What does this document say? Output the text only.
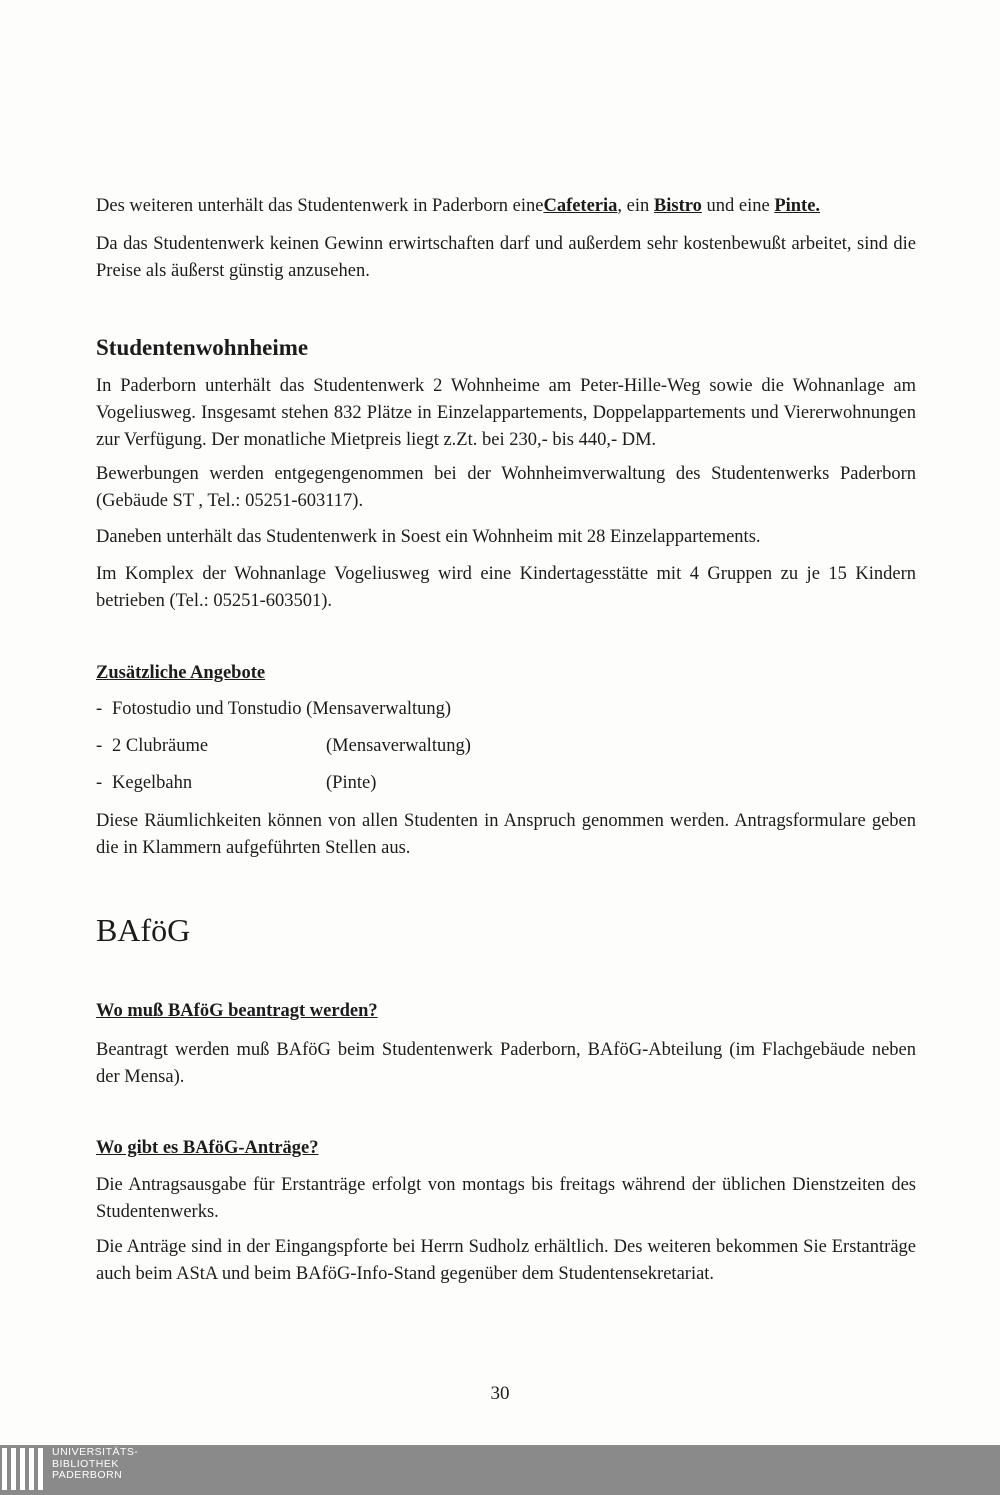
Des weiteren unterhält das Studentenwerk in Paderborn eineCafeteria, ein Bistro und eine Pinte.

Da das Studentenwerk keinen Gewinn erwirtschaften darf und außerdem sehr kostenbewußt arbeitet, sind die Preise als äußerst günstig anzusehen.

Studentenwohnheime

In Paderborn unterhält das Studentenwerk 2 Wohnheime am Peter-Hille-Weg sowie die Wohnanlage am Vogeliusweg. Insgesamt stehen 832 Plätze in Einzelappartements, Doppelappartements und Viererwohnungen zur Verfügung. Der monatliche Mietpreis liegt z.Zt. bei 230,- bis 440,- DM.

Bewerbungen werden entgegengenommen bei der Wohnheimverwaltung des Studentenwerks Paderborn (Gebäude ST , Tel.: 05251-603117).

Daneben unterhält das Studentenwerk in Soest ein Wohnheim mit 28 Einzelappartements.

Im Komplex der Wohnanlage Vogeliusweg wird eine Kindertagesstätte mit 4 Gruppen zu je 15 Kindern betrieben (Tel.: 05251-603501).

Zusätzliche Angebote

- Fotostudio und Tonstudio (Mensaverwaltung)

- 2 Clubräume	(Mensaverwaltung)

- Kegelbahn	(Pinte)

Diese Räumlichkeiten können von allen Studenten in Anspruch genommen werden. Antragsformulare geben die in Klammern aufgeführten Stellen aus.

BAföG
Wo muß BAföG beantragt werden?

Beantragt werden muß BAföG beim Studentenwerk Paderborn, BAföG-Abteilung (im Flachgebäude neben der Mensa).

Wo gibt es BAföG-Anträge?

Die Antragsausgabe für Erstanträge erfolgt von montags bis freitags während der üblichen Dienstzeiten des Studentenwerks.

Die Anträge sind in der Eingangspforte bei Herrn Sudholz erhältlich. Des weiteren bekommen Sie Erstanträge auch beim AStA und beim BAföG-Info-Stand gegenüber dem Studentensekretariat.

30

UNIVERSITÄTS-
BIBLIOTHEK
PADERBORN
